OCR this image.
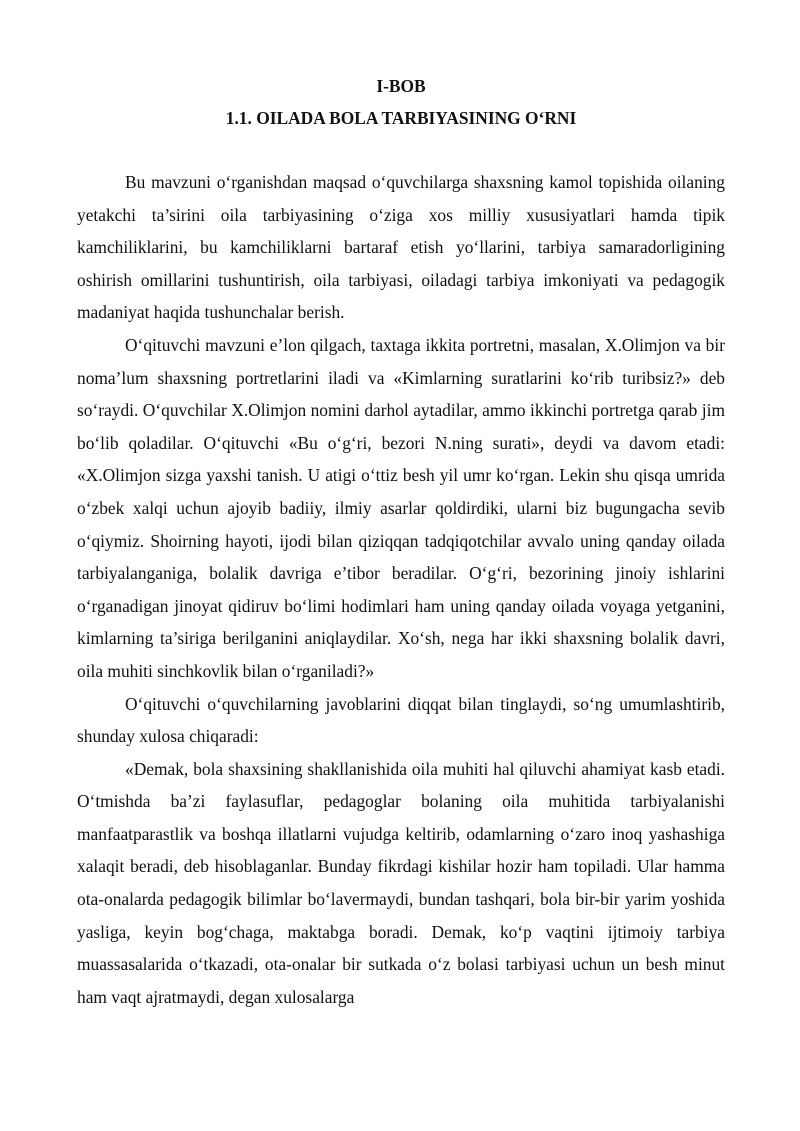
I-BOB
1.1. OILADA BOLA TARBIYASINING O‘RNI

Bu mavzuni o‘rganishdan maqsad o‘quvchilarga shaxsning kamol topishida oilaning yetakchi ta’sirini oila tarbiyasining o‘ziga xos milliy xususiyatlari hamda tipik kamchiliklarini, bu kamchiliklarni bartaraf etish yo‘llarini, tarbiya samaradorligining oshirish omillarini tushuntirish, oila tarbiyasi, oiladagi tarbiya imkoniyati va pedagogik madaniyat haqida tushunchalar berish.

O‘qituvchi mavzuni e’lon qilgach, taxtaga ikkita portretni, masalan, X.Olimjon va bir noma’lum shaxsning portretlarini iladi va «Kimlarning suratlarini ko‘rib turibsiz?» deb so‘raydi. O‘quvchilar X.Olimjon nomini darhol aytadilar, ammo ikkinchi portretga qarab jim bo‘lib qoladilar. O‘qituvchi «Bu o‘g‘ri, bezori N.ning surati», deydi va davom etadi: «X.Olimjon sizga yaxshi tanish. U atigi o‘ttiz besh yil umr ko‘rgan. Lekin shu qisqa umrida o‘zbek xalqi uchun ajoyib badiiy, ilmiy asarlar qoldirdiki, ularni biz bugungacha sevib o‘qiymiz. Shoirning hayoti, ijodi bilan qiziqqan tadqiqotchilar avvalo uning qanday oilada tarbiyalanganiga, bolalik davriga e’tibor beradilar. O‘g‘ri, bezorining jinoiy ishlarini o‘rganadigan jinoyat qidiruv bo‘limi hodimlari ham uning qanday oilada voyaga yetganini, kimlarning ta’siriga berilganini aniqlaydilar. Xo‘sh, nega har ikki shaxsning bolalik davri, oila muhiti sinchkovlik bilan o‘rganiladi?»

O‘qituvchi o‘quvchilarning javoblarini diqqat bilan tinglaydi, so‘ng umumlashtirib, shunday xulosa chiqaradi:

«Demak, bola shaxsining shakllanishida oila muhiti hal qiluvchi ahamiyat kasb etadi. O‘tmishda ba’zi faylasuflar, pedagoglar bolaning oila muhitida tarbiyalanishi manfaatparastlik va boshqa illatlarni vujudga keltirib, odamlarning o‘zaro inoq yashashiga xalaqit beradi, deb hisoblaganlar. Bunday fikrdagi kishilar hozir ham topiladi. Ular hamma ota-onalarda pedagogik bilimlar bo‘lavermaydi, bundan tashqari, bola bir-bir yarim yoshida yasliga, keyin bog‘chaga, maktabga boradi. Demak, ko‘p vaqtini ijtimoiy tarbiya muassasalarida o‘tkazadi, ota-onalar bir sutkada o‘z bolasi tarbiyasi uchun un besh minut ham vaqt ajratmaydi, degan xulosalarga
